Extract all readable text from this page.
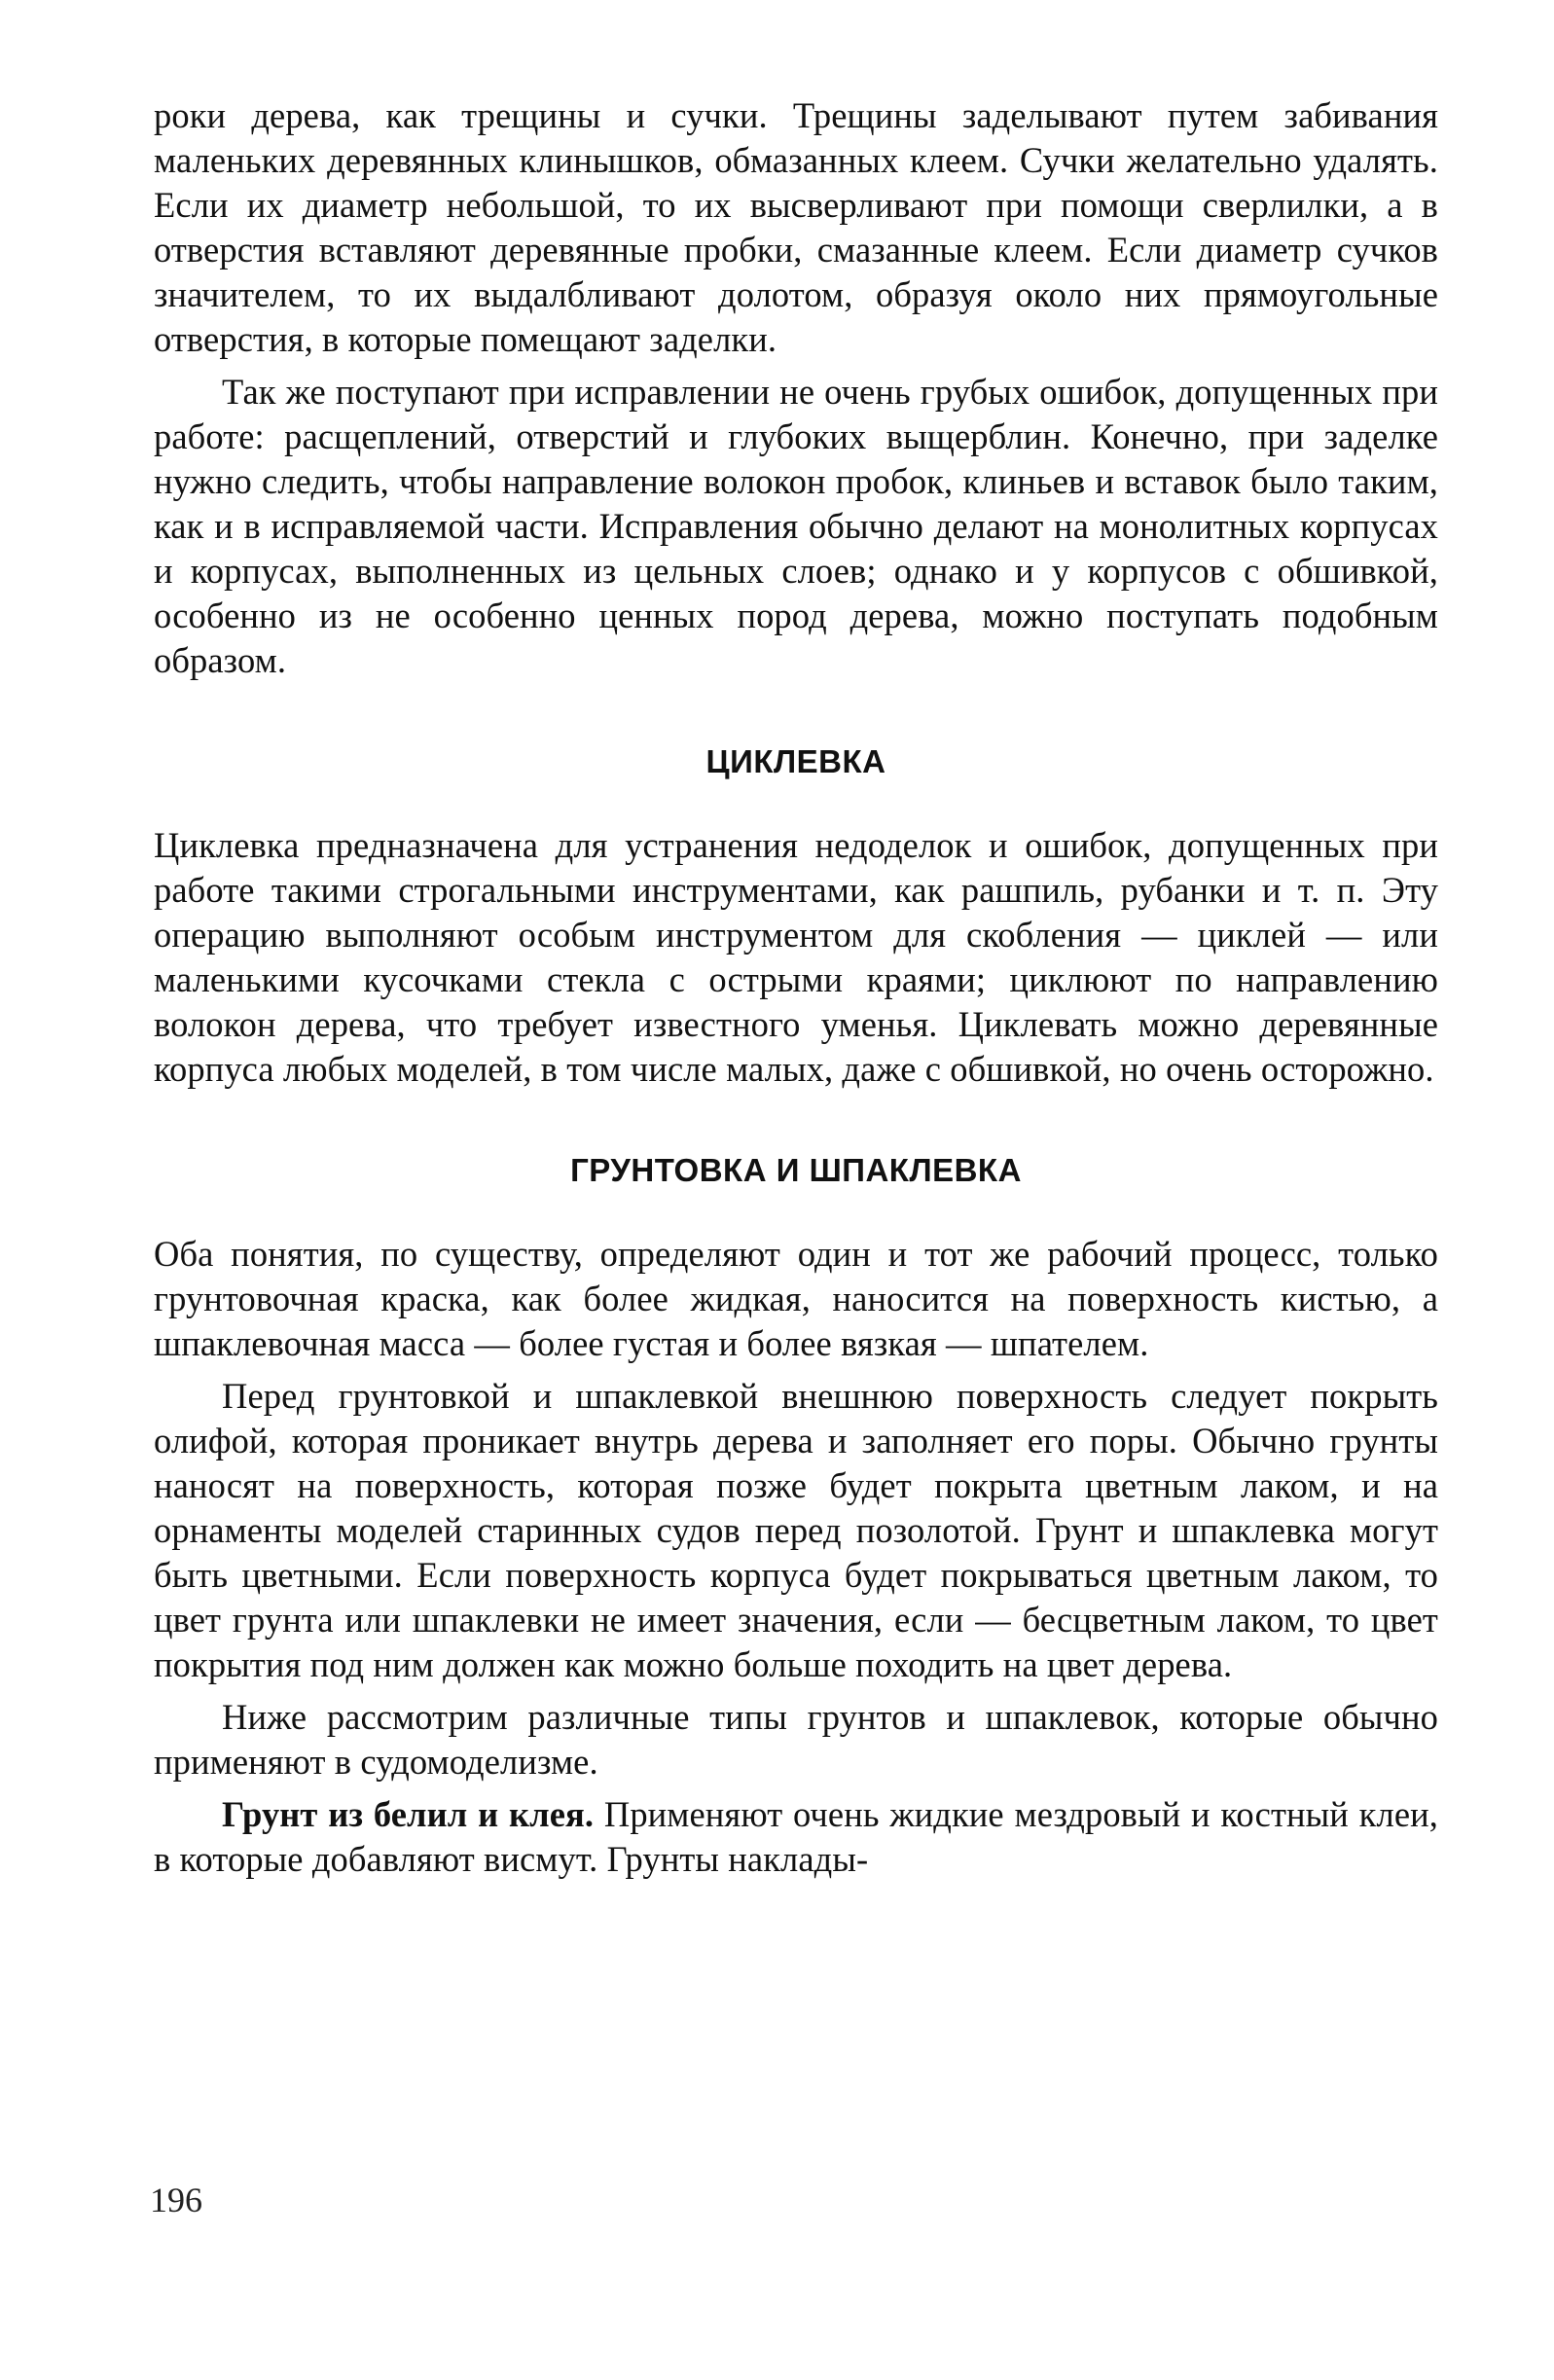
роки дерева, как трещины и сучки. Трещины заделывают путем забивания маленьких деревянных клинышков, обмазанных клеем. Сучки желательно удалять. Если их диаметр небольшой, то их высверливают при помощи сверлилки, а в отверстия вставляют деревянные пробки, смазанные клеем. Если диаметр сучков значителем, то их выдалбливают долотом, образуя около них прямоугольные отверстия, в которые помещают заделки.

Так же поступают при исправлении не очень грубых ошибок, допущенных при работе: расщеплений, отверстий и глубоких выщерблин. Конечно, при заделке нужно следить, чтобы направление волокон пробок, клиньев и вставок было таким, как и в исправляемой части. Исправления обычно делают на монолитных корпусах и корпусах, выполненных из цельных слоев; однако и у корпусов с обшивкой, особенно из не особенно ценных пород дерева, можно поступать подобным образом.

ЦИКЛЕВКА

Циклевка предназначена для устранения недоделок и ошибок, допущенных при работе такими строгальными инструментами, как рашпиль, рубанки и т. п. Эту операцию выполняют особым инструментом для скобления — циклей — или маленькими кусочками стекла с острыми краями; циклюют по направлению волокон дерева, что требует известного уменья. Циклевать можно деревянные корпуса любых моделей, в том числе малых, даже с обшивкой, но очень осторожно.

ГРУНТОВКА И ШПАКЛЕВКА

Оба понятия, по существу, определяют один и тот же рабочий процесс, только грунтовочная краска, как более жидкая, наносится на поверхность кистью, а шпаклевочная масса — более густая и более вязкая — шпателем.

Перед грунтовкой и шпаклевкой внешнюю поверхность следует покрыть олифой, которая проникает внутрь дерева и заполняет его поры. Обычно грунты наносят на поверхность, которая позже будет покрыта цветным лаком, и на орнаменты моделей старинных судов перед позолотой. Грунт и шпаклевка могут быть цветными. Если поверхность корпуса будет покрываться цветным лаком, то цвет грунта или шпаклевки не имеет значения, если — бесцветным лаком, то цвет покрытия под ним должен как можно больше походить на цвет дерева.

Ниже рассмотрим различные типы грунтов и шпаклевок, которые обычно применяют в судомоделизме.

Грунт из белил и клея. Применяют очень жидкие мездровый и костный клеи, в которые добавляют висмут. Грунты наклады-

196
